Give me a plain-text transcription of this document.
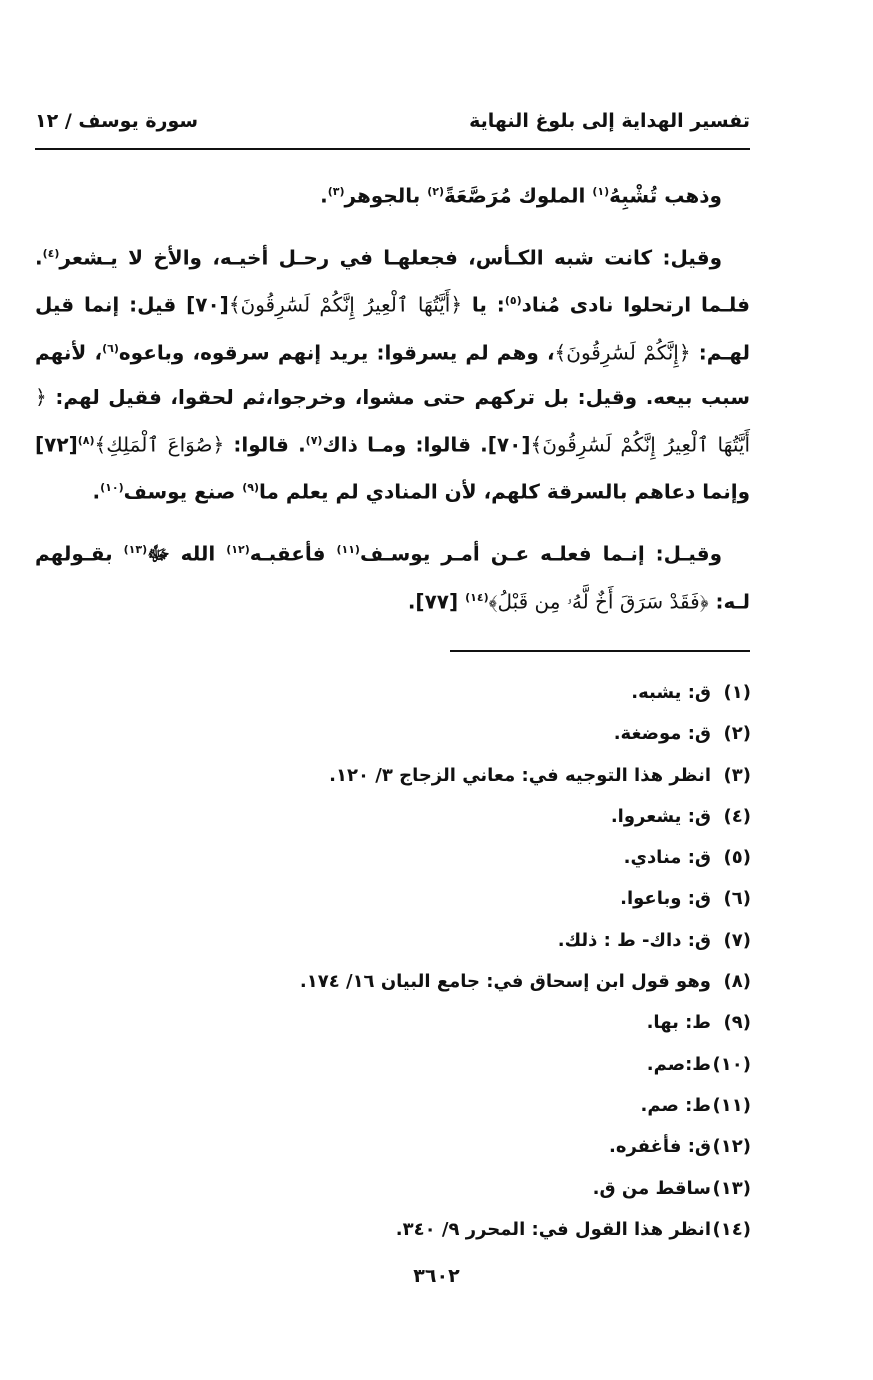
تفسير الهداية إلى بلوغ النهاية
سورة يوسف / ١٢

وذهب تُشْبِهُ$^{(١)}$ الملوك مُرَصَّعَةً$^{(٢)}$ بالجوهر$^{(٣)}$.

وقيل: كانت شبه الكـأس، فجعلهـا في رحـل أخيـه، والأخ لا يـشعر$^{(٤)}$. فلـما ارتحلوا نادى مُناد$^{(٥)}$: يا ﴿أَيَّتُهَا ٱلْعِيرُ إِنَّكُمْ لَسَٰرِقُونَ﴾[٧٠] قيل: إنما قيل لهـم: ﴿إِنَّكُمْ لَسَٰرِقُونَ﴾، وهم لم يسرقوا: يريد إنهم سرقوه، وباعوه$^{(٦)}$، لأنهم سبب بيعه. وقيل: بل تركهم حتى مشوا، وخرجوا،ثم لحقوا، فقيل لهم: ﴿ أَيَّتُهَا ٱلْعِيرُ إِنَّكُمْ لَسَٰرِقُونَ﴾[٧٠]. قالوا: ومـا ذاك$^{(٧)}$. قالوا: ﴿صُوَاعَ ٱلْمَلِكِ﴾$^{(٨)}$[٧٢] وإنما دعاهم بالسرقة كلهم، لأن المنادي لم يعلم ما$^{(٩)}$ صنع يوسف$^{(١٠)}$.

وقيـل: إنـما فعلـه عـن أمـر يوسـف$^{(١١)}$ فأعقبـه$^{(١٢)}$ الله ﷻ$^{(١٣)}$ بقـولهم لـه: ﴿فَقَدْ سَرَقَ أَخٌ لَّهُۥ مِن قَبْلُ﴾$^{(١٤)}$ [٧٧].

(١)ق: يشبه.
(٢)ق: موضغة.
(٣)انظر هذا التوجيه في: معاني الزجاج ٣/ ١٢٠.
(٤)ق: يشعروا.
(٥)ق: منادي.
(٦)ق: وباعوا.
(٧)ق: داك- ط : ذلك.
(٨)وهو قول ابن إسحاق في: جامع البيان ١٦/ ١٧٤.
(٩)ط: بها.
(١٠)ط:صم.
(١١)ط: صم.
(١٢)ق: فأغفره.
(١٣)ساقط من ق.
(١٤)انظر هذا القول في: المحرر ٩/ ٣٤٠.
٣٦٠٢
